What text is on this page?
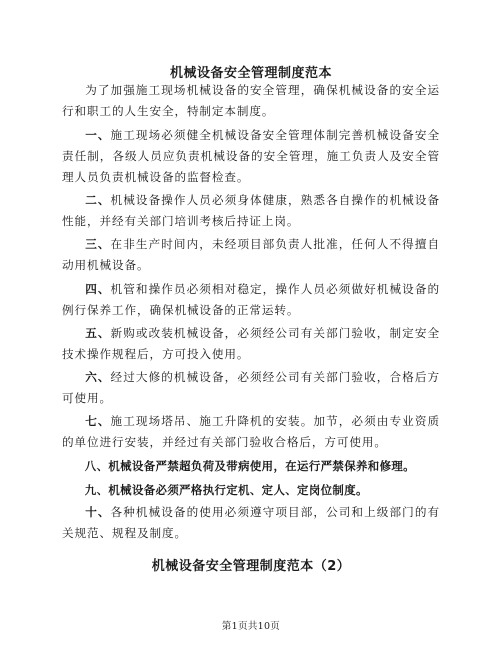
机械设备安全管理制度范本
为了加强施工现场机械设备的安全管理，确保机械设备的安全运行和职工的人生安全，特制定本制度。
一、施工现场必须健全机械设备安全管理体制完善机械设备安全责任制，各级人员应负责机械设备的安全管理，施工负责人及安全管理人员负责机械设备的监督检查。
二、机械设备操作人员必须身体健康，熟悉各自操作的机械设备性能，并经有关部门培训考核后持证上岗。
三、在非生产时间内，未经项目部负责人批准，任何人不得擅自动用机械设备。
四、机管和操作员必须相对稳定，操作人员必须做好机械设备的例行保养工作，确保机械设备的正常运转。
五、新购或改装机械设备，必须经公司有关部门验收，制定安全技术操作规程后，方可投入使用。
六、经过大修的机械设备，必须经公司有关部门验收，合格后方可使用。
七、施工现场塔吊、施工升降机的安装。加节，必须由专业资质的单位进行安装，并经过有关部门验收合格后，方可使用。
八、机械设备严禁超负荷及带病使用，在运行严禁保养和修理。
九、机械设备必须严格执行定机、定人、定岗位制度。
十、各种机械设备的使用必须遵守项目部，公司和上级部门的有关规范、规程及制度。
机械设备安全管理制度范本（2）
第1页共10页
